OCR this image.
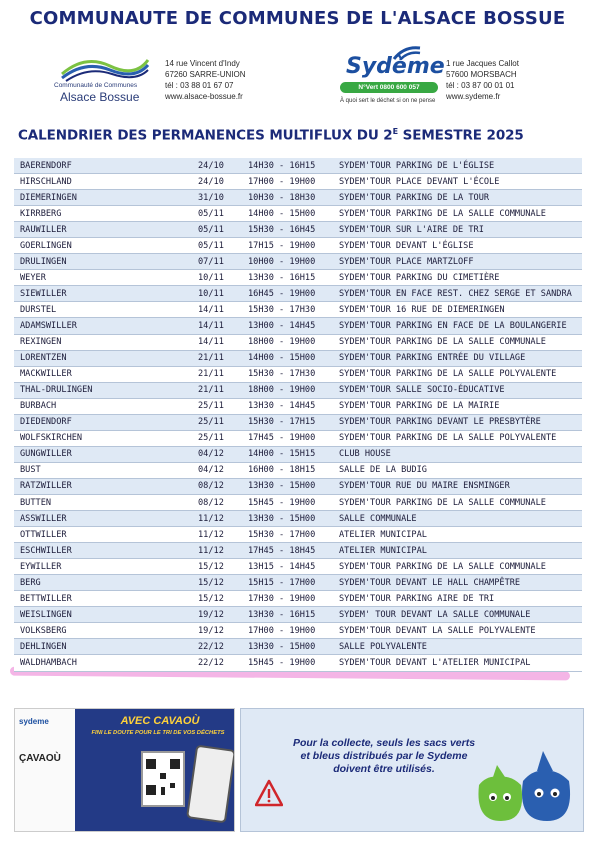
COMMUNAUTE DE COMMUNES DE L'ALSACE BOSSUE
Communauté de Communes
Alsace Bossue
14 rue Vincent d'Indy
67260 SARRE-UNION
tél : 03 88 01 67 07
www.alsace-bossue.fr
Sydème
N°Vert 0800 600 057
À quoi sert le déchet si on ne pense
1 rue Jacques Callot
57600 MORSBACH
tél : 03 87 00 01 01
www.sydeme.fr
CALENDRIER DES PERMANENCES MULTIFLUX DU $2^E$ SEMESTRE 2025
BAERENDORF	24/10	14H30 - 16H15	SYDEM'TOUR PARKING DE L'ÉGLISE
HIRSCHLAND	24/10	17H00 - 19H00	SYDEM'TOUR PLACE DEVANT L'ÉCOLE
DIEMERINGEN	31/10	10H30 - 18H30	SYDEM'TOUR PARKING DE LA TOUR
KIRRBERG	05/11	14H00 - 15H00	SYDEM'TOUR PARKING DE LA SALLE COMMUNALE
RAUWILLER	05/11	15H30 - 16H45	SYDEM'TOUR SUR L'AIRE DE TRI
GOERLINGEN	05/11	17H15 - 19H00	SYDEM'TOUR DEVANT L'ÉGLISE
DRULINGEN	07/11	10H00 - 19H00	SYDEM'TOUR PLACE MARTZLOFF
WEYER	10/11	13H30 - 16H15	SYDEM'TOUR PARKING DU CIMETIÈRE
SIEWILLER	10/11	16H45 - 19H00	SYDEM'TOUR EN FACE REST. CHEZ SERGE ET SANDRA
DURSTEL	14/11	15H30 - 17H30	SYDEM'TOUR 16 RUE DE DIEMERINGEN
ADAMSWILLER	14/11	13H00 - 14H45	SYDEM'TOUR PARKING EN FACE DE LA BOULANGERIE
REXINGEN	14/11	18H00 - 19H00	SYDEM'TOUR PARKING DE LA SALLE COMMUNALE
LORENTZEN	21/11	14H00 - 15H00	SYDEM'TOUR PARKING ENTRÉE DU VILLAGE
MACKWILLER	21/11	15H30 - 17H30	SYDEM'TOUR PARKING DE LA SALLE POLYVALENTE
THAL-DRULINGEN	21/11	18H00 - 19H00	SYDEM'TOUR SALLE SOCIO-ÉDUCATIVE
BURBACH	25/11	13H30 - 14H45	SYDEM'TOUR PARKING DE LA MAIRIE
DIEDENDORF	25/11	15H30 - 17H15	SYDEM'TOUR PARKING DEVANT LE PRESBYTÈRE
WOLFSKIRCHEN	25/11	17H45 - 19H00	SYDEM'TOUR PARKING DE LA SALLE POLYVALENTE
GUNGWILLER	04/12	14H00 - 15H15	CLUB HOUSE
BUST	04/12	16H00 - 18H15	SALLE DE LA BUDIG
RATZWILLER	08/12	13H30 - 15H00	SYDEM'TOUR RUE DU MAIRE ENSMINGER
BUTTEN	08/12	15H45 - 19H00	SYDEM'TOUR PARKING DE LA SALLE COMMUNALE
ASSWILLER	11/12	13H30 - 15H00	SALLE COMMUNALE
OTTWILLER	11/12	15H30 - 17H00	ATELIER MUNICIPAL
ESCHWILLER	11/12	17H45 - 18H45	ATELIER MUNICIPAL
EYWILLER	15/12	13H15 - 14H45	SYDEM'TOUR PARKING DE LA SALLE COMMUNALE
BERG	15/12	15H15 - 17H00	SYDEM'TOUR DEVANT LE HALL CHAMPÊTRE
BETTWILLER	15/12	17H30 - 19H00	SYDEM'TOUR PARKING AIRE DE TRI
WEISLINGEN	19/12	13H30 - 16H15	SYDEM' TOUR DEVANT LA SALLE COMMUNALE
VOLKSBERG	19/12	17H00 - 19H00	SYDEM'TOUR DEVANT LA SALLE POLYVALENTE
DEHLINGEN	22/12	13H30 - 15H00	SALLE POLYVALENTE
WALDHAMBACH	22/12	15H45 - 19H00	SYDEM'TOUR DEVANT L'ATELIER MUNICIPAL
sydeme
ÇAVAOÙ
AVEC CAVAOÙ
FINI LE DOUTE POUR LE TRI DE VOS DÉCHETS
Pour la collecte, seuls les sacs verts et bleus distribués par le Sydeme doivent être utilisés.
